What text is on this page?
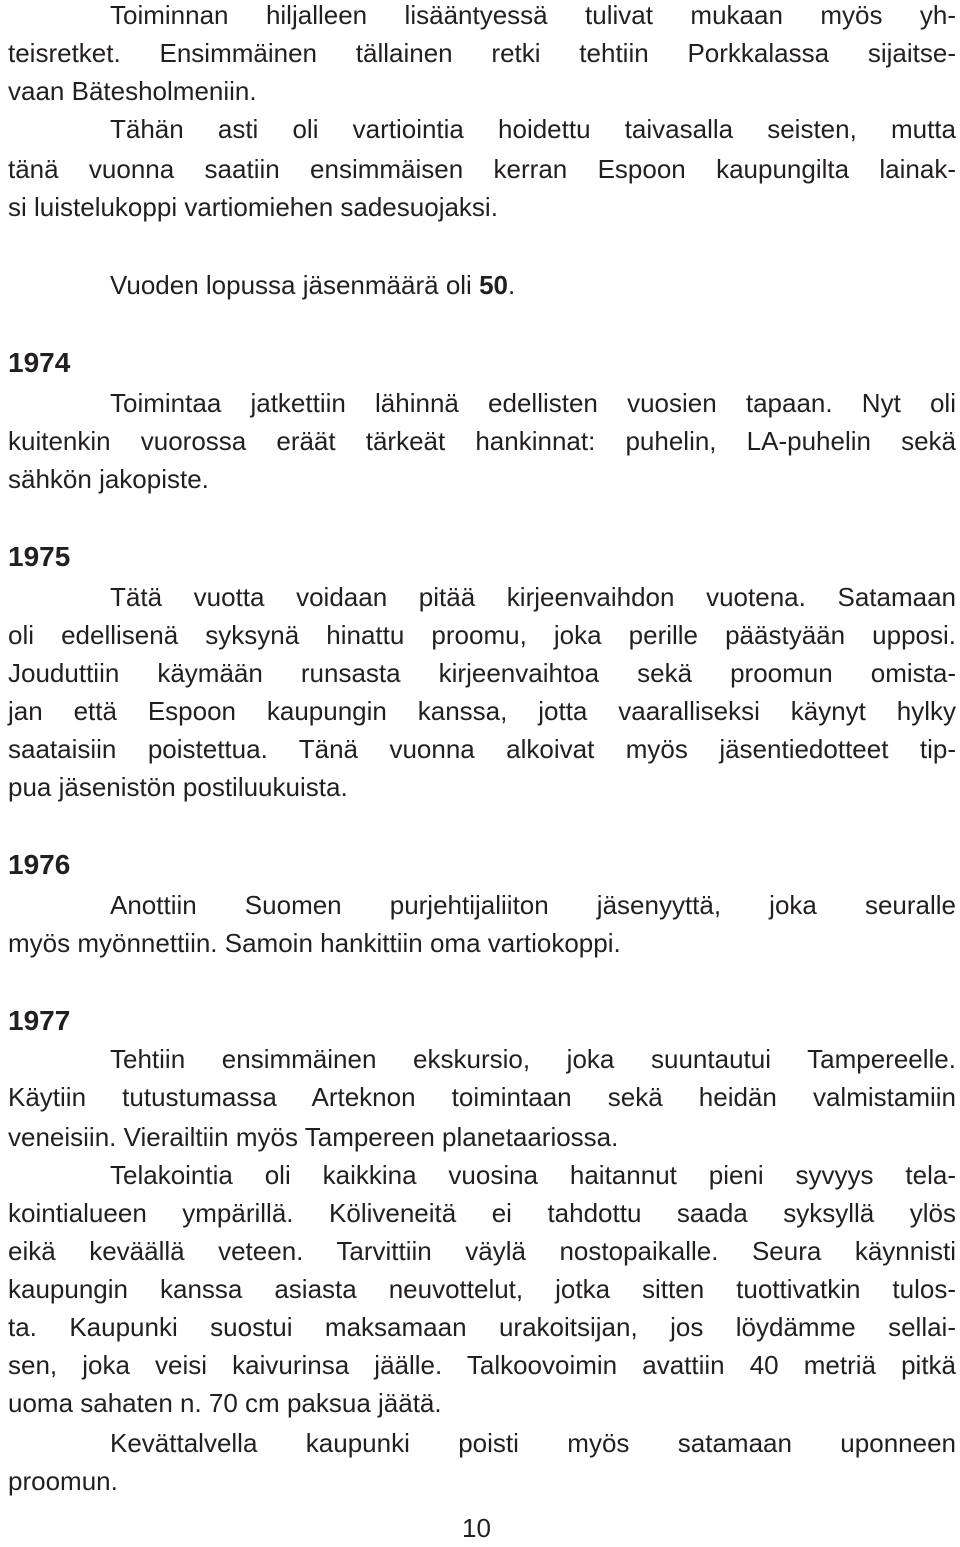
Toiminnan hiljalleen lisääntyessä tulivat mukaan myös yh-
teisretket. Ensimmäinen tällainen retki tehtiin Porkkalassa sijaitse-
vaan Bätesholmeniin.
Tähän asti oli vartiointia hoidettu taivasalla seisten, mutta
tänä vuonna saatiin ensimmäisen kerran Espoon kaupungilta lainak-
si luistelukoppi vartiomiehen sadesuojaksi.
Vuoden lopussa jäsenmäärä oli 50.
1974
Toimintaa jatkettiin lähinnä edellisten vuosien tapaan. Nyt oli
kuitenkin vuorossa eräät tärkeät hankinnat: puhelin, LA-puhelin sekä
sähkön jakopiste.
1975
Tätä vuotta voidaan pitää kirjeenvaihdon vuotena. Satamaan
oli edellisenä syksynä hinattu proomu, joka perille päästyään upposi.
Jouduttiin käymään runsasta kirjeenvaihtoa sekä proomun omista-
jan että Espoon kaupungin kanssa, jotta vaaralliseksi käynyt hylky
saataisiin poistettua. Tänä vuonna alkoivat myös jäsentiedotteet tip-
pua jäsenistön postiluukuista.
1976
Anottiin Suomen purjehtijaliiton jäsenyyttä, joka seuralle
myös myönnettiin. Samoin hankittiin oma vartiokoppi.
1977
Tehtiin ensimmäinen ekskursio, joka suuntautui Tampereelle.
Käytiin tutustumassa Arteknon toimintaan sekä heidän valmistamiin
veneisiin. Vierailtiin myös Tampereen planetaariossa.
Telakointia oli kaikkina vuosina haitannut pieni syvyys tela-
kointialueen ympärillä. Köliveneitä ei tahdottu saada syksyllä ylös
eikä keväällä veteen. Tarvittiin väylä nostopaikalle. Seura käynnisti
kaupungin kanssa asiasta neuvottelut, jotka sitten tuottivatkin tulos-
ta. Kaupunki suostui maksamaan urakoitsijan, jos löydämme sellai-
sen, joka veisi kaivurinsa jäälle. Talkoovoimin avattiin 40 metriä pitkä
uoma sahaten n. 70 cm paksua jäätä.
Kevättalvella kaupunki poisti myös satamaan uponneen
proomun.
10
